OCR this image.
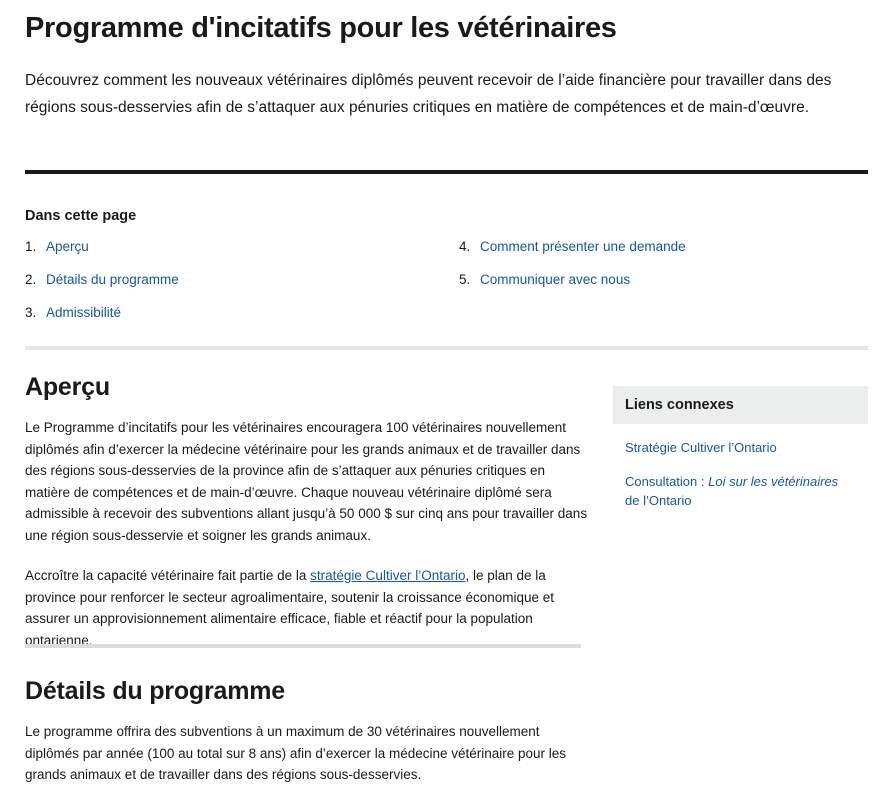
Programme d'incitatifs pour les vétérinaires

Découvrez comment les nouveaux vétérinaires diplômés peuvent recevoir de l’aide financière pour travailler dans des régions sous-desservies afin de s’attaquer aux pénuries critiques en matière de compétences et de main-d’œuvre.

Dans cette page
1. Aperçu
2. Détails du programme
3. Admissibilité
4. Comment présenter une demande
5. Communiquer avec nous
Aperçu

Le Programme d’incitatifs pour les vétérinaires encouragera 100 vétérinaires nouvellement diplômés afin d’exercer la médecine vétérinaire pour les grands animaux et de travailler dans des régions sous-desservies de la province afin de s’attaquer aux pénuries critiques en matière de compétences et de main-d’œuvre. Chaque nouveau vétérinaire diplômé sera admissible à recevoir des subventions allant jusqu’à 50 000 $ sur cinq ans pour travailler dans une région sous-desservie et soigner les grands animaux.

Accroître la capacité vétérinaire fait partie de la stratégie Cultiver l’Ontario, le plan de la province pour renforcer le secteur agroalimentaire, soutenir la croissance économique et assurer un approvisionnement alimentaire efficace, fiable et réactif pour la population ontarienne.

Liens connexes
Stratégie Cultiver l’Ontario
Consultation : Loi sur les vétérinaires de l’Ontario
Détails du programme

Le programme offrira des subventions à un maximum de 30 vétérinaires nouvellement diplômés par année (100 au total sur 8 ans) afin d’exercer la médecine vétérinaire pour les grands animaux et de travailler dans des régions sous-desservies.
